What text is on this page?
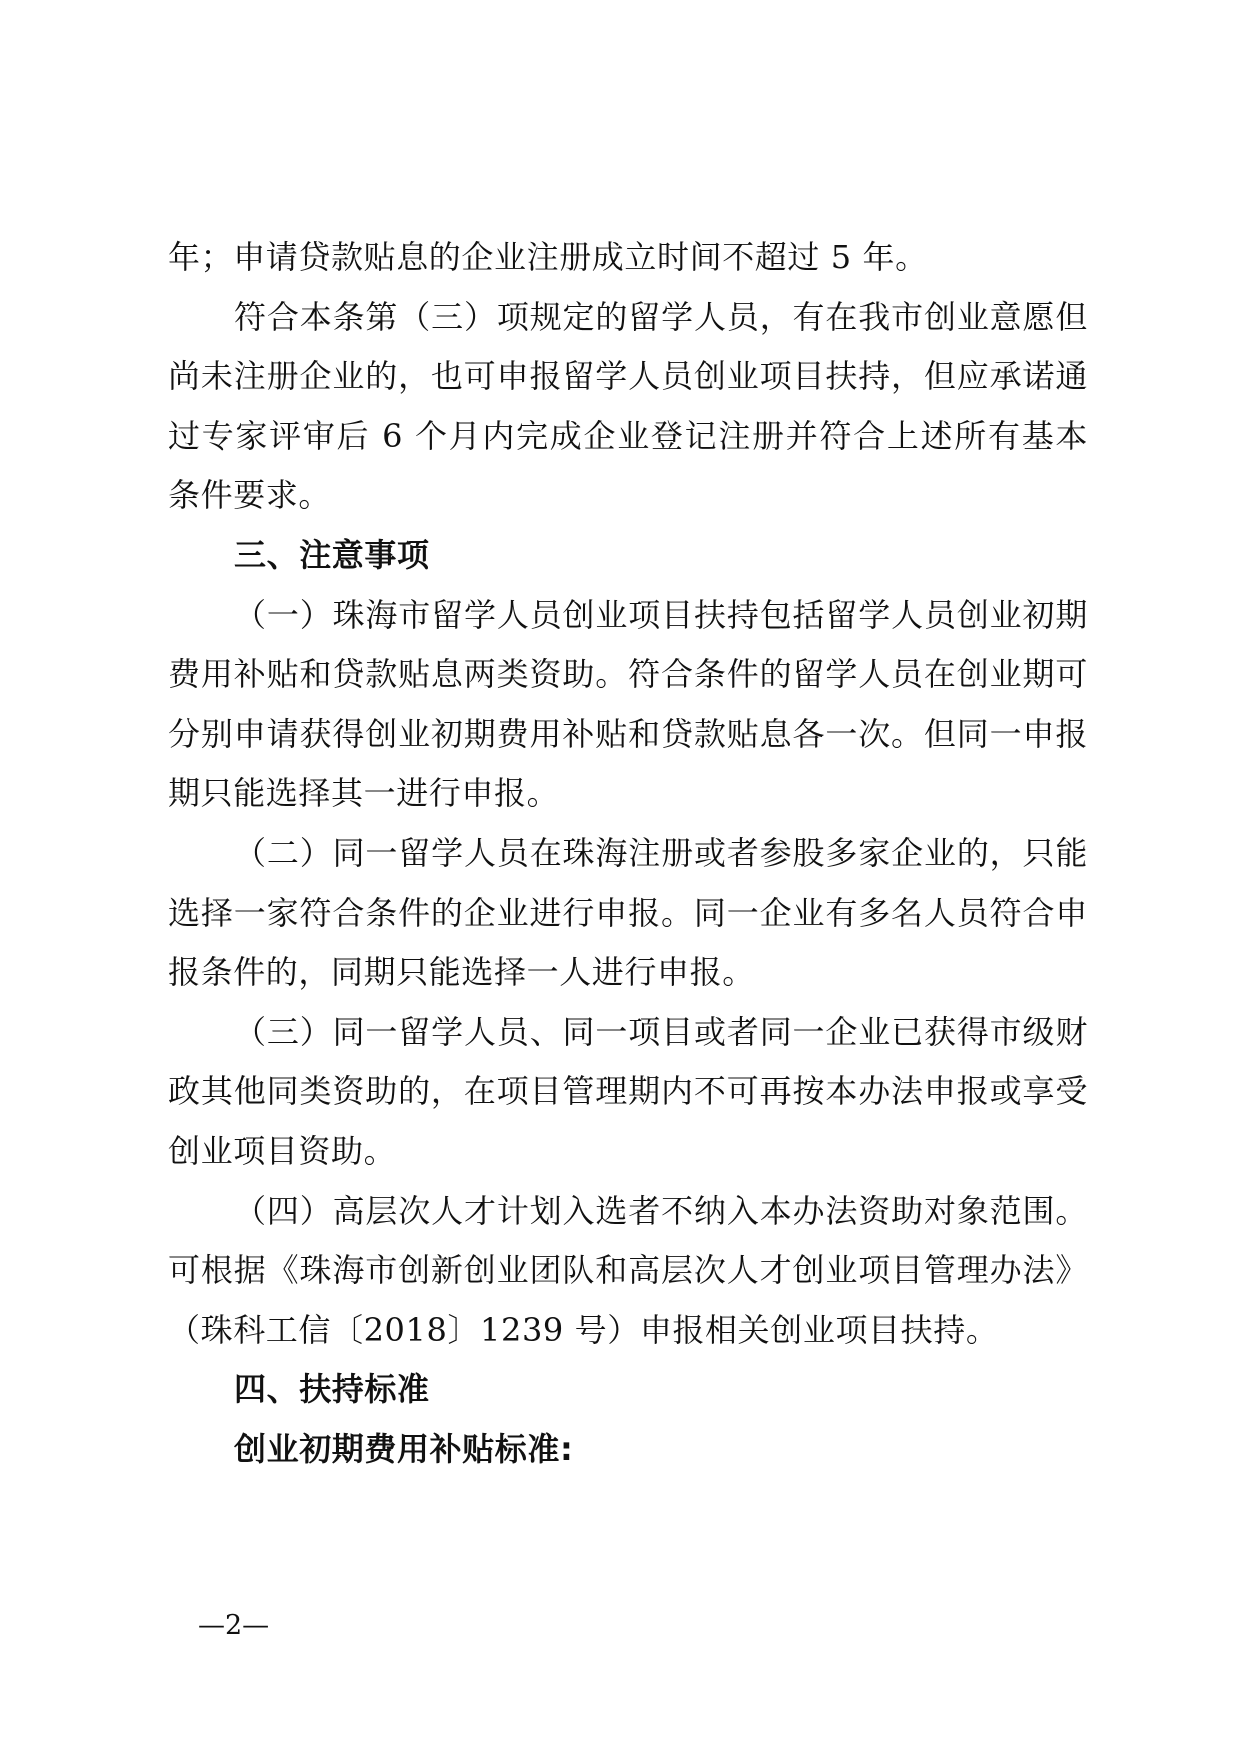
年；申请贷款贴息的企业注册成立时间不超过 5 年。

符合本条第（三）项规定的留学人员，有在我市创业意愿但尚未注册企业的，也可申报留学人员创业项目扶持，但应承诺通过专家评审后 6 个月内完成企业登记注册并符合上述所有基本条件要求。

三、注意事项

（一）珠海市留学人员创业项目扶持包括留学人员创业初期费用补贴和贷款贴息两类资助。符合条件的留学人员在创业期可分别申请获得创业初期费用补贴和贷款贴息各一次。但同一申报期只能选择其一进行申报。

（二）同一留学人员在珠海注册或者参股多家企业的，只能选择一家符合条件的企业进行申报。同一企业有多名人员符合申报条件的，同期只能选择一人进行申报。

（三）同一留学人员、同一项目或者同一企业已获得市级财政其他同类资助的，在项目管理期内不可再按本办法申报或享受创业项目资助。

（四）高层次人才计划入选者不纳入本办法资助对象范围。可根据《珠海市创新创业团队和高层次人才创业项目管理办法》（珠科工信〔2018〕1239 号）申报相关创业项目扶持。

四、扶持标准

创业初期费用补贴标准:

—2—
